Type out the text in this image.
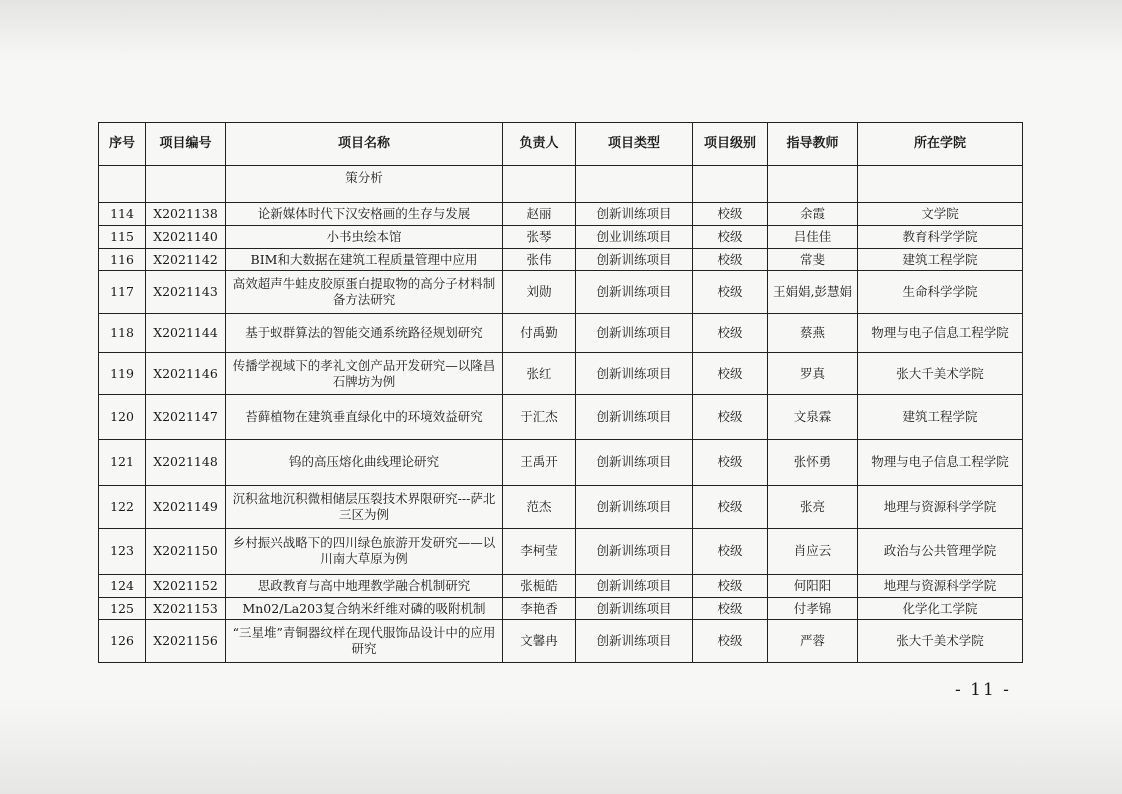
序号	项目编号	项目名称	负责人	项目类型	项目级别	指导教师	所在学院
		策分析					
114	X2021138	论新媒体时代下汉安格画的生存与发展	赵丽	创新训练项目	校级	余霞	文学院
115	X2021140	小书虫绘本馆	张琴	创业训练项目	校级	吕佳佳	教育科学学院
116	X2021142	BIM和大数据在建筑工程质量管理中应用	张伟	创新训练项目	校级	常斐	建筑工程学院
117	X2021143	高效超声牛蛙皮胶原蛋白提取物的高分子材料制备方法研究	刘勋	创新训练项目	校级	王娟娟,彭慧娟	生命科学学院
118	X2021144	基于蚁群算法的智能交通系统路径规划研究	付禹勤	创新训练项目	校级	蔡燕	物理与电子信息工程学院
119	X2021146	传播学视域下的孝礼文创产品开发研究—以隆昌石牌坊为例	张红	创新训练项目	校级	罗真	张大千美术学院
120	X2021147	苔藓植物在建筑垂直绿化中的环境效益研究	于汇杰	创新训练项目	校级	文泉霖	建筑工程学院
121	X2021148	钨的高压熔化曲线理论研究	王禹开	创新训练项目	校级	张怀勇	物理与电子信息工程学院
122	X2021149	沉积盆地沉积微相储层压裂技术界限研究---萨北三区为例	范杰	创新训练项目	校级	张亮	地理与资源科学学院
123	X2021150	乡村振兴战略下的四川绿色旅游开发研究——以川南大草原为例	李柯莹	创新训练项目	校级	肖应云	政治与公共管理学院
124	X2021152	思政教育与高中地理教学融合机制研究	张栀皓	创新训练项目	校级	何阳阳	地理与资源科学学院
125	X2021153	Mn02/La203复合纳米纤维对磷的吸附机制	李艳香	创新训练项目	校级	付孝锦	化学化工学院
126	X2021156	“三星堆”青铜器纹样在现代服饰品设计中的应用研究	文馨冉	创新训练项目	校级	严蓉	张大千美术学院
- 11 -
